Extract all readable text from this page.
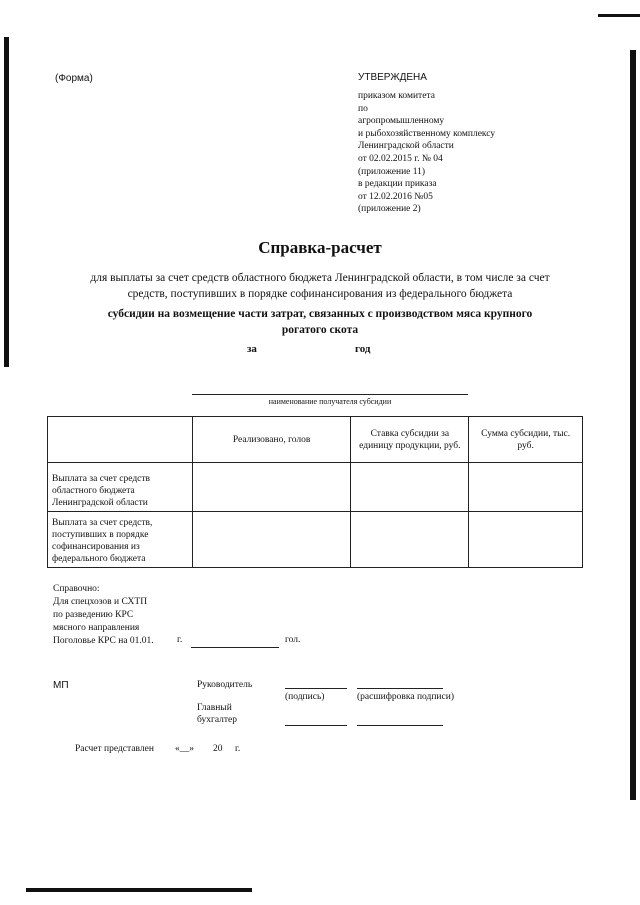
(Форма)	УТВЕРЖДЕНА
приказом комитета
по
агропромышленному
и рыбохозяйственному комплексу
Ленинградской области
от 02.02.2015 г. № 04
(приложение 11)
в редакции приказа
от 12.02.2016 №05
(приложение 2)
Справка-расчет
для выплаты за счет средств областного бюджета Ленинградской области, в том числе за счет
средств, поступивших в порядке софинансирования из федерального бюджета
субсидии на возмещение части затрат, связанных с производством мяса крупного
рогатого скота
за	год
наименование получателя субсидии
	Реализовано, голов	Ставка субсидии за единицу продукции, руб.	Сумма субсидии, тыс. руб.
Выплата за счет средств областного бюджета Ленинградской области			
Выплата за счет средств, поступивших в порядке софинансирования из федерального бюджета			
Справочно:
Для спецхозов и СХТП
по разведению КРС
мясного направления
Поголовье КРС на 01.01. г.	гол.
МП	Руководитель
(подпись)	(расшифровка подписи)
Главный
бухгалтер
Расчет представлен «__» 20 г.
